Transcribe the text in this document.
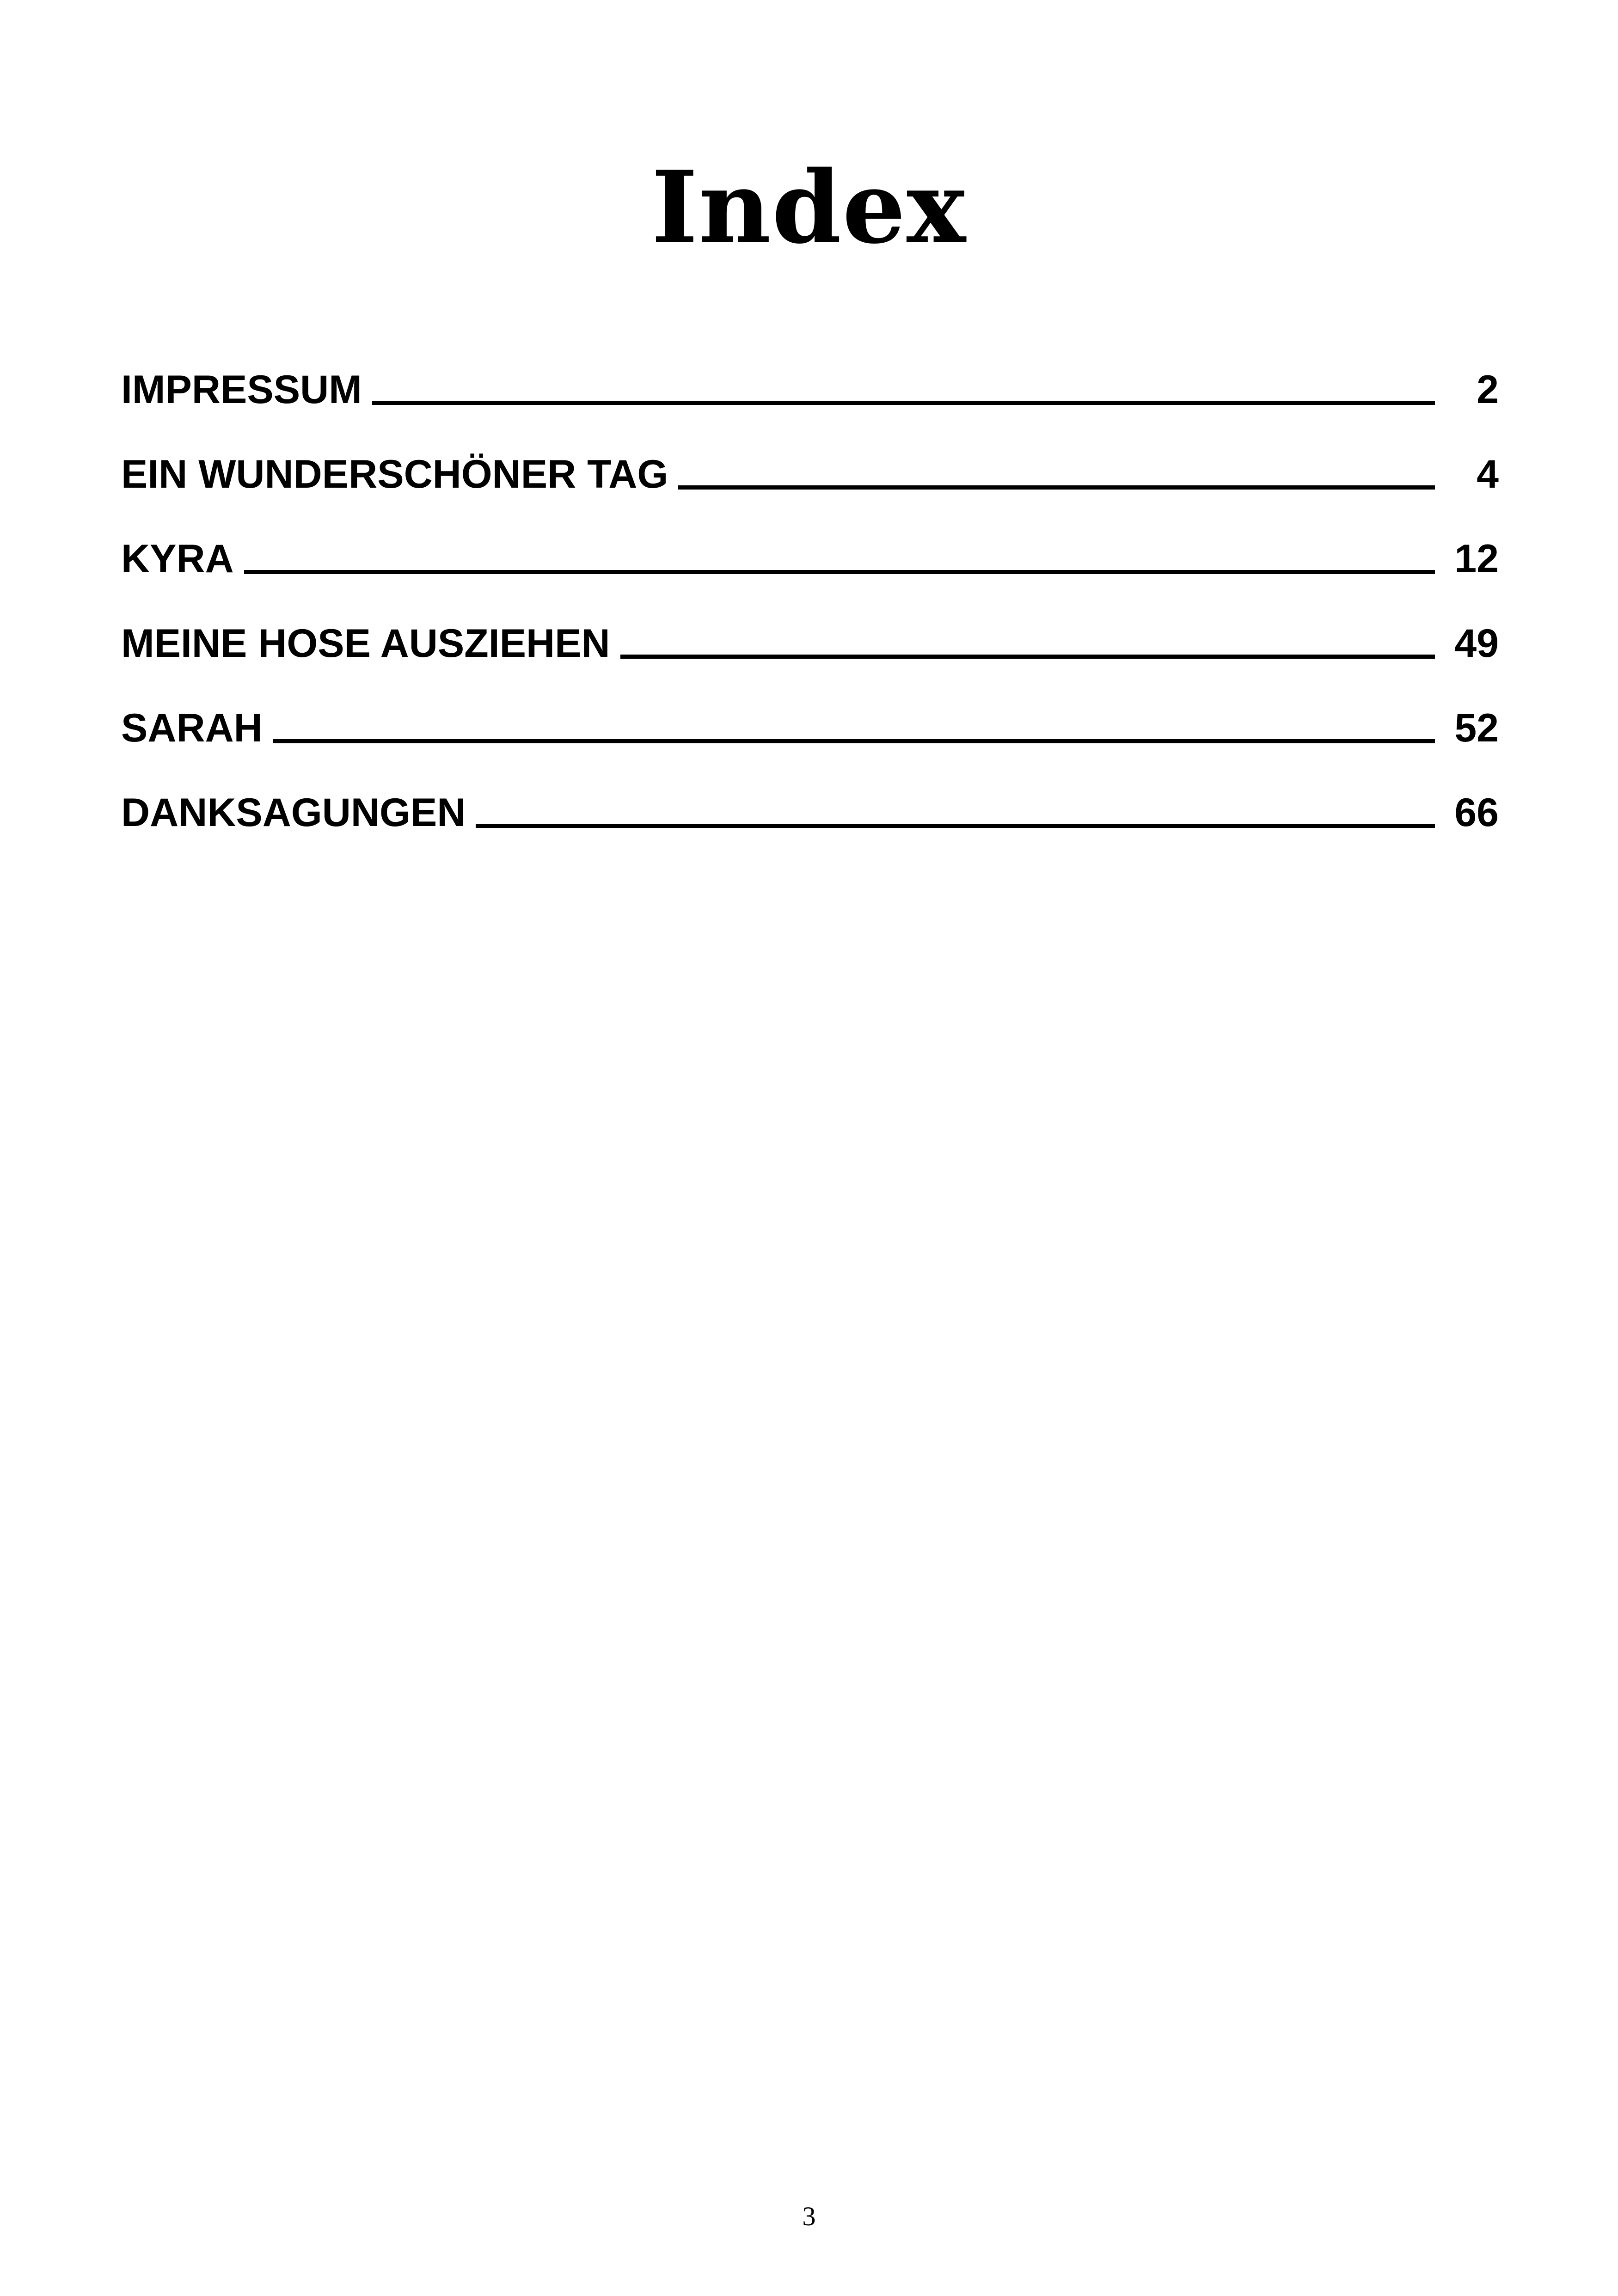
Index
IMPRESSUM	2
EIN WUNDERSCHÖNER TAG	4
KYRA	12
MEINE HOSE AUSZIEHEN	49
SARAH	52
DANKSAGUNGEN	66
3
